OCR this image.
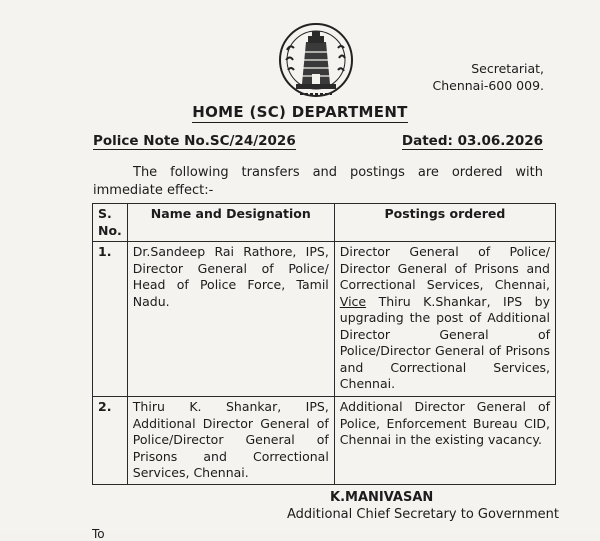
Secretariat,
Chennai-600 009.
HOME (SC) DEPARTMENT
Police Note No.SC/24/2026	Dated: 03.06.2026
The following transfers and postings are ordered with immediate effect:-
S. No.	Name and Designation	Postings ordered
1.	Dr.Sandeep Rai Rathore, IPS, Director General of Police/ Head of Police Force, Tamil Nadu.	Director General of Police/ Director General of Prisons and Correctional Services, Chennai, Vice Thiru K.Shankar, IPS by upgrading the post of Additional Director General of Police/Director General of Prisons and Correctional Services, Chennai.
2.	Thiru K. Shankar, IPS, Additional Director General of Police/Director General of Prisons and Correctional Services, Chennai.	Additional Director General of Police, Enforcement Bureau CID, Chennai in the existing vacancy.
K.MANIVASAN
Additional Chief Secretary to Government
To
